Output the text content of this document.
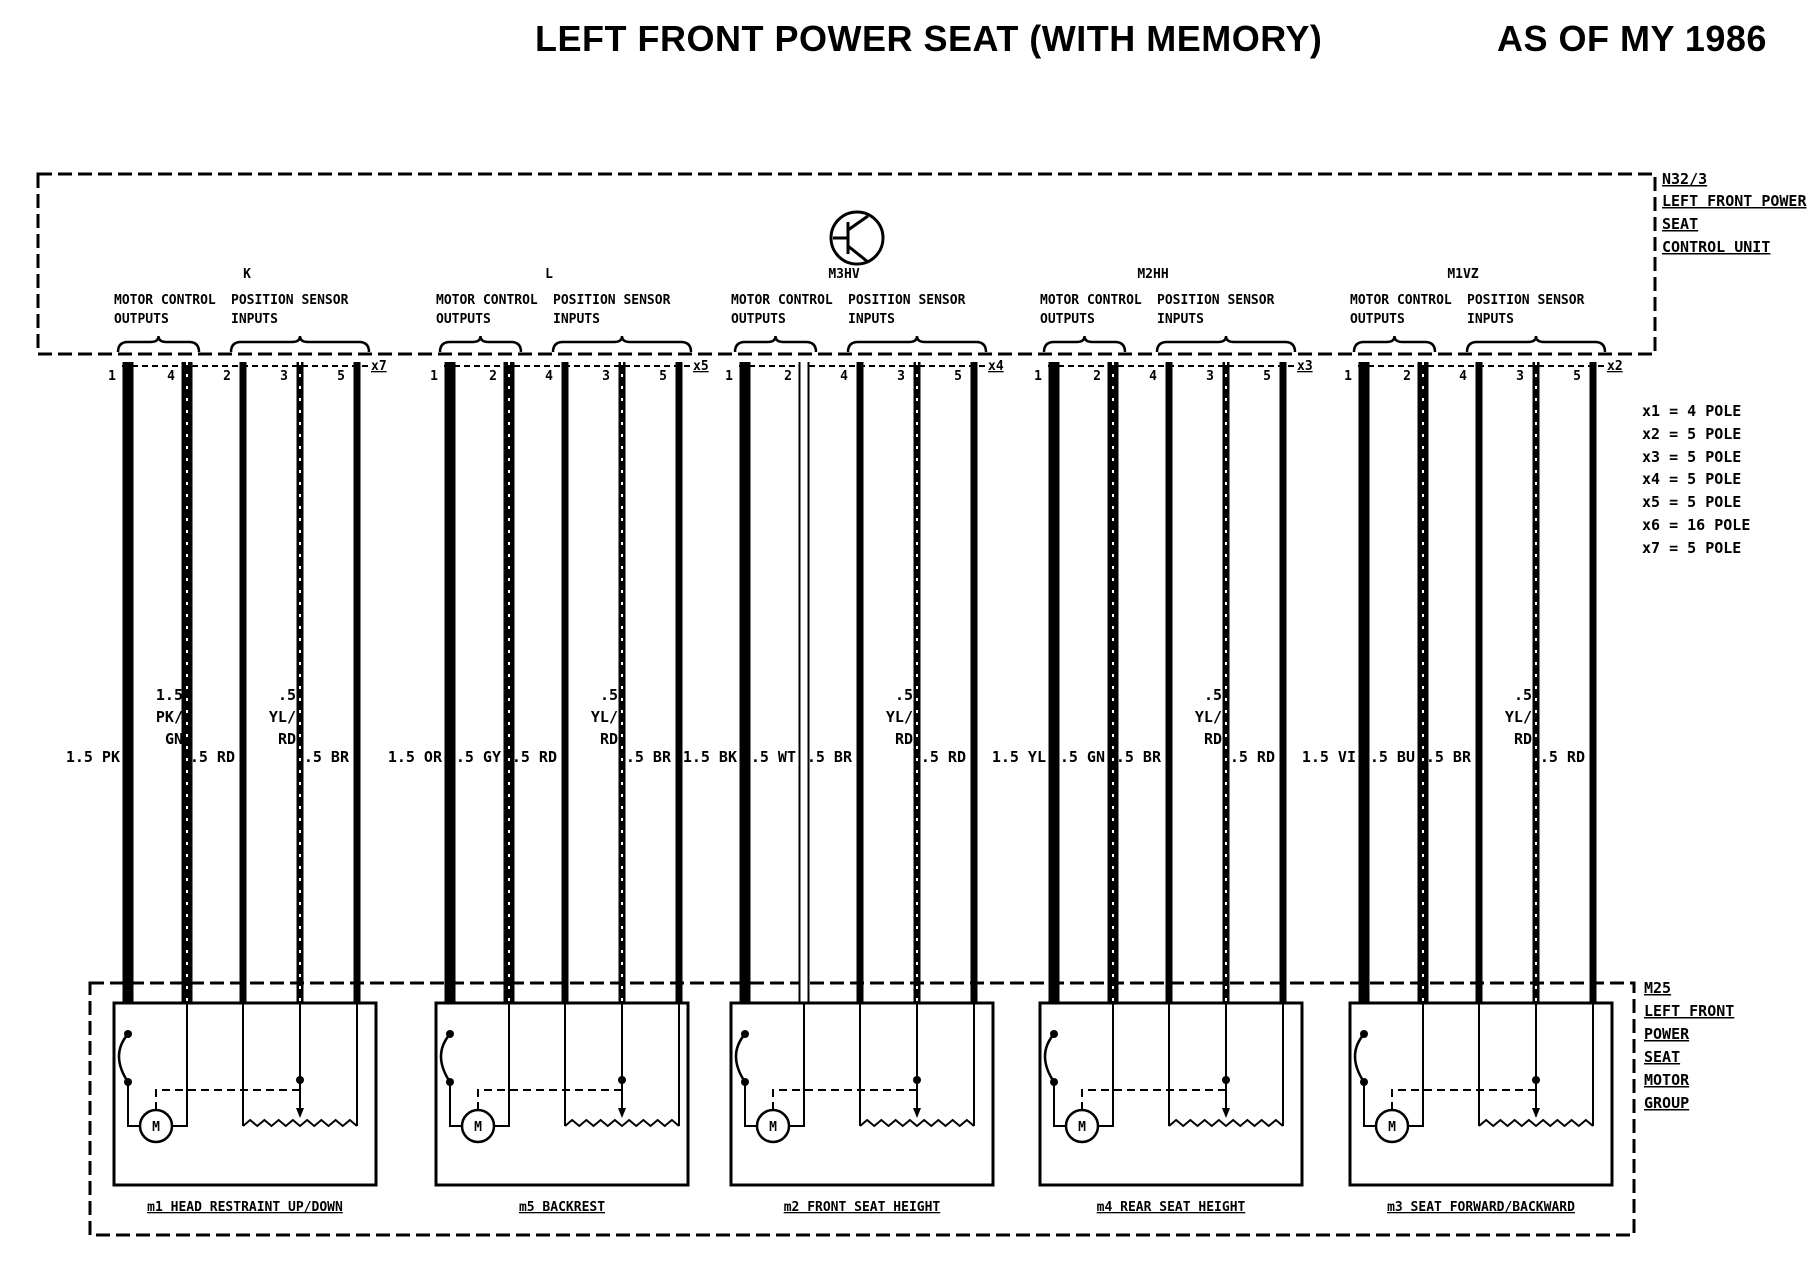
LEFT FRONT POWER SEAT (WITH MEMORY)	AS OF MY 1986
K
MOTOR CONTROL
OUTPUTS
POSITION SENSOR
INPUTS
x7
1
1.5 PK
4
1.5 PK/ GN
2
.5 RD
3
.5 YL/ RD
5
.5 BR
M
m1 HEAD RESTRAINT UP/DOWN
L
MOTOR CONTROL
OUTPUTS
POSITION SENSOR
INPUTS
x5
1
1.5 OR
2
1.5 GY
4
.5 RD
3
.5 YL/ RD
5
.5 BR
M
m5 BACKREST
M3HV
MOTOR CONTROL
OUTPUTS
POSITION SENSOR
INPUTS
x4
1
1.5 BK
2
1.5 WT
4
.5 BR
3
.5 YL/ RD
5
.5 RD
M
m2 FRONT SEAT HEIGHT
M2HH
MOTOR CONTROL
OUTPUTS
POSITION SENSOR
INPUTS
x3
1
1.5 YL
2
1.5 GN
4
.5 BR
3
.5 YL/ RD
5
.5 RD
M
m4 REAR SEAT HEIGHT
M1VZ
MOTOR CONTROL
OUTPUTS
POSITION SENSOR
INPUTS
x2
1
1.5 VI
2
1.5 BU
4
.5 BR
3
.5 YL/ RD
5
.5 RD
M
m3 SEAT FORWARD/BACKWARD
N32/3
LEFT FRONT POWER
SEAT
CONTROL UNIT
x1 = 4 POLE
x2 = 5 POLE
x3 = 5 POLE
x4 = 5 POLE
x5 = 5 POLE
x6 = 16 POLE
x7 = 5 POLE
M25
LEFT FRONT
POWER
SEAT
MOTOR
GROUP
